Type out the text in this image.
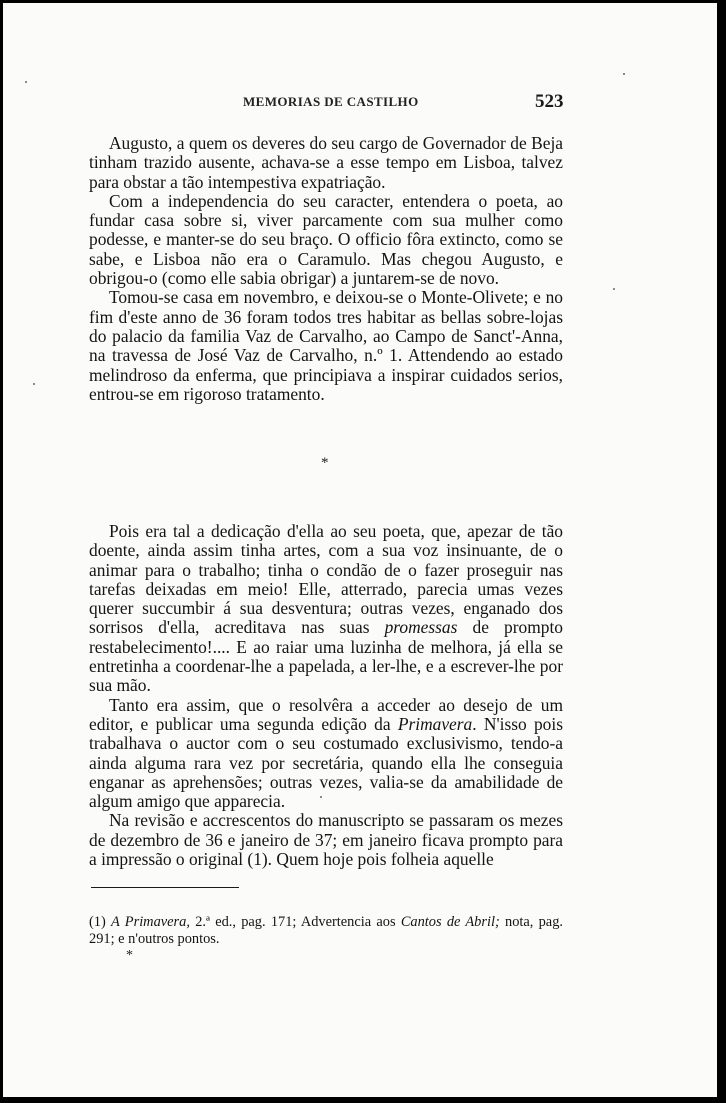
MEMORIAS DE CASTILHO	523

Augusto, a quem os deveres do seu cargo de Governador de Beja tinham trazido ausente, achava-se a esse tempo em Lisboa, talvez para obstar a tão intempestiva expatriação.

Com a independencia do seu caracter, entendera o poeta, ao fundar casa sobre si, viver parcamente com sua mulher como podesse, e manter-se do seu braço. O officio fôra extincto, como se sabe, e Lisboa não era o Caramulo. Mas chegou Augusto, e obrigou-o (como elle sabia obrigar) a juntarem-se de novo.

Tomou-se casa em novembro, e deixou-se o Monte-Olivete; e no fim d'este anno de 36 foram todos tres habitar as bellas sobre-lojas do palacio da familia Vaz de Carvalho, ao Campo de Sanct'-Anna, na travessa de José Vaz de Carvalho, n.º 1. Attendendo ao estado melindroso da enferma, que principiava a inspirar cuidados serios, entrou-se em rigoroso tratamento.

*

Pois era tal a dedicação d'ella ao seu poeta, que, apezar de tão doente, ainda assim tinha artes, com a sua voz insinuante, de o animar para o trabalho; tinha o condão de o fazer proseguir nas tarefas deixadas em meio! Elle, atterrado, parecia umas vezes querer succumbir á sua desventura; outras vezes, enganado dos sorrisos d'ella, acreditava nas suas promessas de prompto restabelecimento!.... E ao raiar uma luzinha de melhora, já ella se entretinha a coordenar-lhe a papelada, a ler-lhe, e a escrever-lhe por sua mão.

Tanto era assim, que o resolvêra a acceder ao desejo de um editor, e publicar uma segunda edição da Primavera. N'isso pois trabalhava o auctor com o seu costumado exclusivismo, tendo-a ainda alguma rara vez por secretária, quando ella lhe conseguia enganar as aprehensões; outras vezes, valia-se da amabilidade de algum amigo que apparecia.

Na revisão e accrescentos do manuscripto se passaram os mezes de dezembro de 36 e janeiro de 37; em janeiro ficava prompto para a impressão o original (1). Quem hoje pois folheia aquelle

(1) A Primavera, 2.ª ed., pag. 171; Advertencia aos Cantos de Abril; nota, pag. 291; e n'outros pontos.

*
